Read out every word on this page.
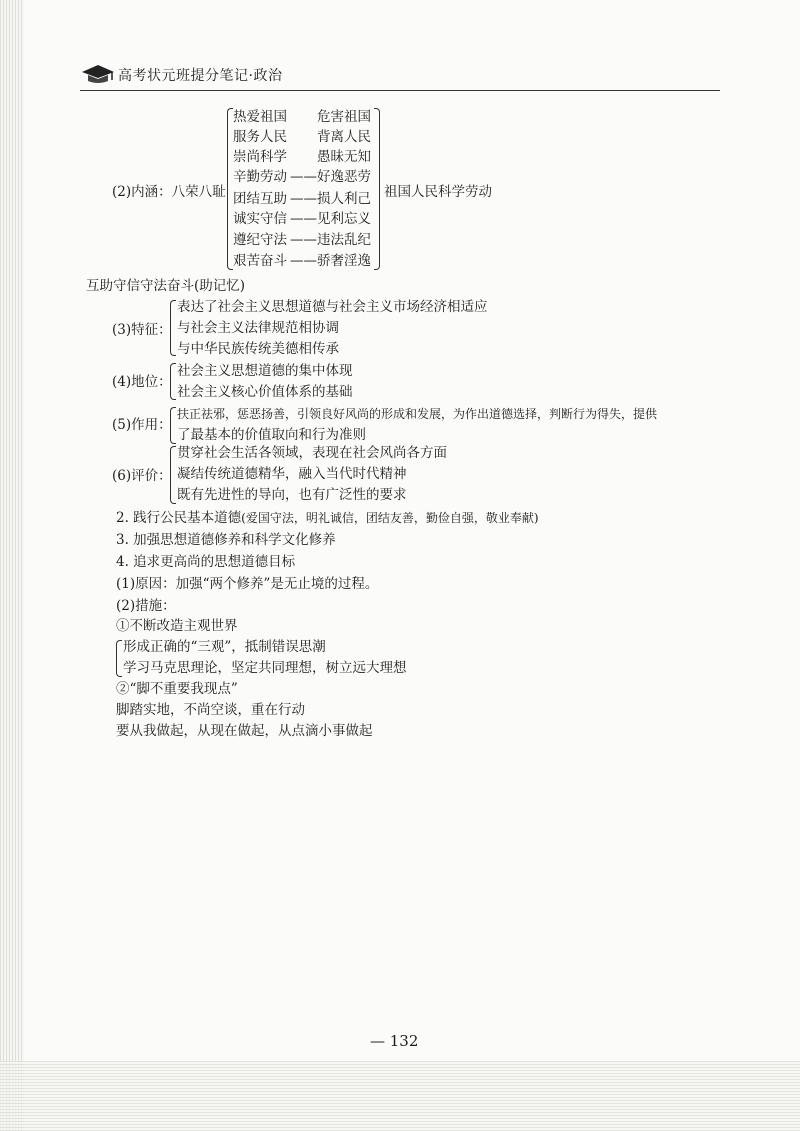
高考状元班提分笔记·政治
(2)内涵：八荣八耻	祖国人民科学劳动
热爱祖国 危害祖国
服务人民 背离人民
崇尚科学 愚昧无知
辛勤劳动 —— 好逸恶劳
团结互助 —— 损人利己
诚实守信 —— 见利忘义
遵纪守法 —— 违法乱纪
艰苦奋斗 —— 骄奢淫逸
互助守信守法奋斗(助记忆)
(3)特征：
表达了社会主义思想道德与社会主义市场经济相适应
与社会主义法律规范相协调
与中华民族传统美德相传承
(4)地位：
社会主义思想道德的集中体现
社会主义核心价值体系的基础
(5)作用：
扶正祛邪，惩恶扬善，引领良好风尚的形成和发展，为作出道德选择，判断行为得失，提供
了最基本的价值取向和行为准则
(6)评价：
贯穿社会生活各领域，表现在社会风尚各方面
凝结传统道德精华，融入当代时代精神
既有先进性的导向，也有广泛性的要求
2. 践行公民基本道德(爱国守法，明礼诚信，团结友善，勤俭自强，敬业奉献)
3. 加强思想道德修养和科学文化修养
4. 追求更高尚的思想道德目标
(1)原因：加强“两个修养”是无止境的过程。
(2)措施：
①不断改造主观世界
形成正确的“三观”，抵制错误思潮
学习马克思理论，坚定共同理想，树立远大理想
②“脚不重要我现点”
脚踏实地，不尚空谈，重在行动
要从我做起，从现在做起，从点滴小事做起
— 132
